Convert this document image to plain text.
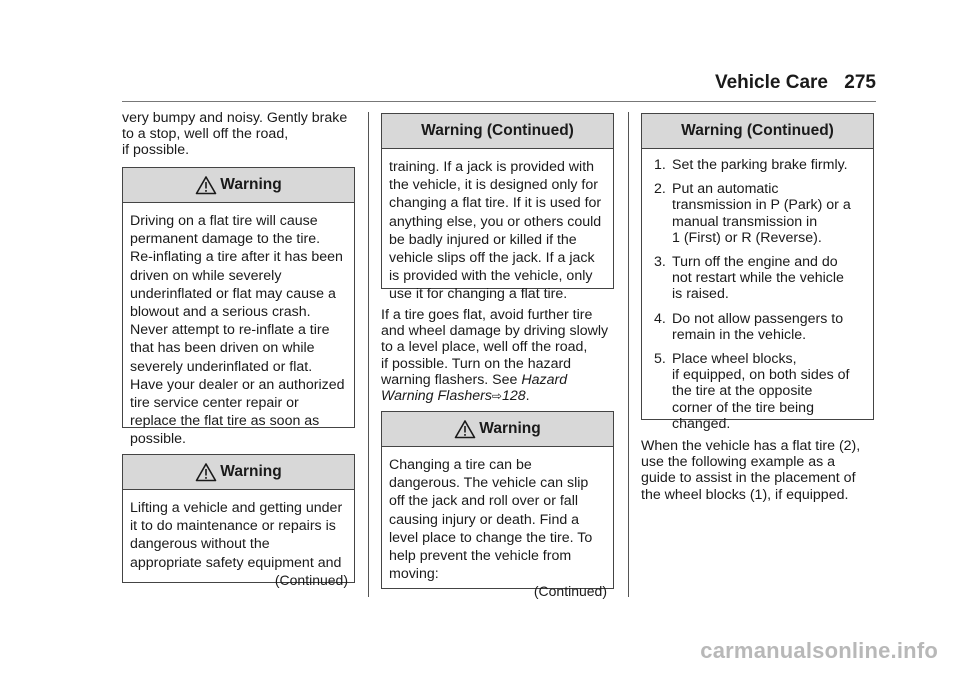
Vehicle Care 275
very bumpy and noisy. Gently brake
to a stop, well off the road,
if possible.
Warning
Driving on a flat tire will cause
permanent damage to the tire.
Re-inflating a tire after it has been
driven on while severely
underinflated or flat may cause a
blowout and a serious crash.
Never attempt to re-inflate a tire
that has been driven on while
severely underinflated or flat.
Have your dealer or an authorized
tire service center repair or
replace the flat tire as soon as
possible.
Warning
Lifting a vehicle and getting under
it to do maintenance or repairs is
dangerous without the
appropriate safety equipment and
(Continued)
Warning (Continued)
training. If a jack is provided with
the vehicle, it is designed only for
changing a flat tire. If it is used for
anything else, you or others could
be badly injured or killed if the
vehicle slips off the jack. If a jack
is provided with the vehicle, only
use it for changing a flat tire.
If a tire goes flat, avoid further tire
and wheel damage by driving slowly
to a level place, well off the road,
if possible. Turn on the hazard
warning flashers. See Hazard
Warning Flashers⇨128.
Warning
Changing a tire can be
dangerous. The vehicle can slip
off the jack and roll over or fall
causing injury or death. Find a
level place to change the tire. To
help prevent the vehicle from
moving:
(Continued)
Warning (Continued)
1. Set the parking brake firmly.
2. Put an automatic
transmission in P (Park) or a
manual transmission in
1 (First) or R (Reverse).
3. Turn off the engine and do
not restart while the vehicle
is raised.
4. Do not allow passengers to
remain in the vehicle.
5. Place wheel blocks,
if equipped, on both sides of
the tire at the opposite
corner of the tire being
changed.
When the vehicle has a flat tire (2),
use the following example as a
guide to assist in the placement of
the wheel blocks (1), if equipped.
carmanualsonline.info
